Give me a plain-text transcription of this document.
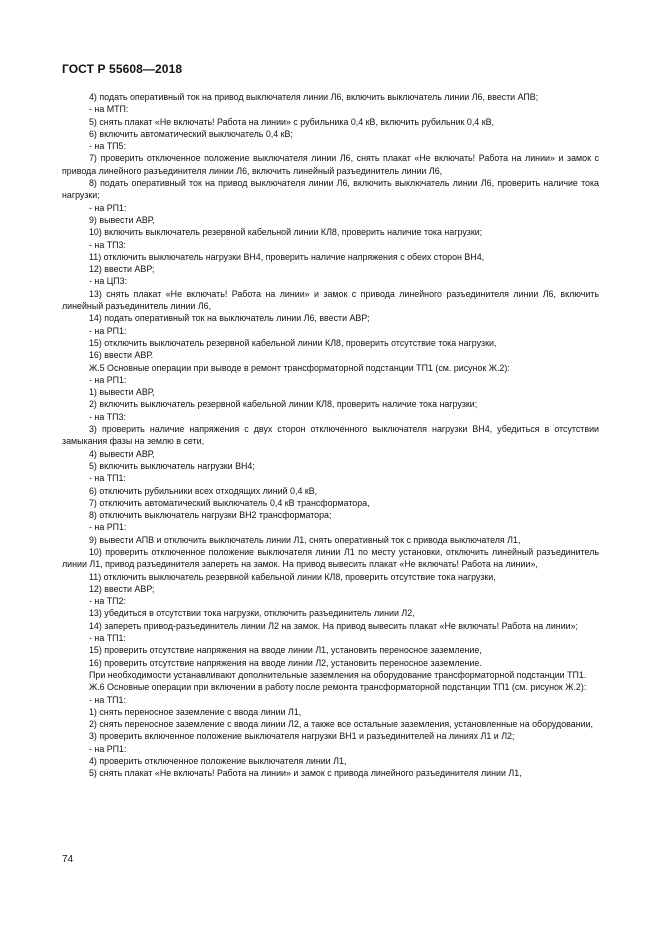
ГОСТ Р 55608—2018

4) подать оперативный ток на привод выключателя линии Л6, включить выключатель линии Л6, ввести АПВ;

- на МТП:

5) снять плакат «Не включать! Работа на линии» с рубильника 0,4 кВ, включить рубильник 0,4 кВ,

6) включить автоматический выключатель 0,4 кВ;

- на ТП5:

7) проверить отключенное положение выключателя линии Л6, снять плакат «Не включать! Работа на линии» и замок с привода линейного разъединителя линии Л6, включить линейный разъединитель линии Л6,

8) подать оперативный ток на привод выключателя линии Л6, включить выключатель линии Л6, проверить наличие тока нагрузки;

- на РП1:

9) вывести АВР,

10) включить выключатель резервной кабельной линии КЛ8, проверить наличие тока нагрузки;

- на ТП3:

11) отключить выключатель нагрузки ВН4, проверить наличие напряжения с обеих сторон ВН4,

12) ввести АВР;

- на ЦП3:

13) снять плакат «Не включать! Работа на линии» и замок с привода линейного разъединителя линии Л6, включить линейный разъединитель линии Л6,

14) подать оперативный ток на выключатель линии Л6, ввести АВР;

- на РП1:

15) отключить выключатель резервной кабельной линии КЛ8, проверить отсутствие тока нагрузки,

16) ввести АВР.

Ж.5 Основные операции при выводе в ремонт трансформаторной подстанции ТП1 (см. рисунок Ж.2):

- на РП1:

1) вывести АВР,

2) включить выключатель резервной кабельной линии КЛ8, проверить наличие тока нагрузки;

- на ТП3:

3) проверить наличие напряжения с двух сторон отключенного выключателя нагрузки ВН4, убедиться в отсутствии замыкания фазы на землю в сети,

4) вывести АВР,

5) включить выключатель нагрузки ВН4;

- на ТП1:

6) отключить рубильники всех отходящих линий 0,4 кВ,

7) отключить автоматический выключатель 0,4 кВ трансформатора,

8) отключить выключатель нагрузки ВН2 трансформатора;

- на РП1:

9) вывести АПВ и отключить выключатель линии Л1, снять оперативный ток с привода выключателя Л1,

10) проверить отключенное положение выключателя линии Л1 по месту установки, отключить линейный разъединитель линии Л1, привод разъединителя запереть на замок. На привод вывесить плакат «Не включать! Работа на линии»,

11) отключить выключатель резервной кабельной линии КЛ8, проверить отсутствие тока нагрузки,

12) ввести АВР;

- на ТП2:

13) убедиться в отсутствии тока нагрузки, отключить разъединитель линии Л2,

14) запереть привод-разъединитель линии Л2 на замок. На привод вывесить плакат «Не включать! Работа на линии»;

- на ТП1:

15) проверить отсутствие напряжения на вводе линии Л1, установить переносное заземление,

16) проверить отсутствие напряжения на вводе линии Л2, установить переносное заземление.

При необходимости устанавливают дополнительные заземления на оборудование трансформаторной подстанции ТП1.

Ж.6 Основные операции при включении в работу после ремонта трансформаторной подстанции ТП1 (см. рисунок Ж.2):

- на ТП1:

1) снять переносное заземление с ввода линии Л1,

2) снять переносное заземление с ввода линии Л2, а также все остальные заземления, установленные на оборудовании,

3) проверить включенное положение выключателя нагрузки ВН1 и разъединителей на линиях Л1 и Л2;

- на РП1:

4) проверить отключенное положение выключателя линии Л1,

5) снять плакат «Не включать! Работа на линии» и замок с привода линейного разъединителя линии Л1,

74
